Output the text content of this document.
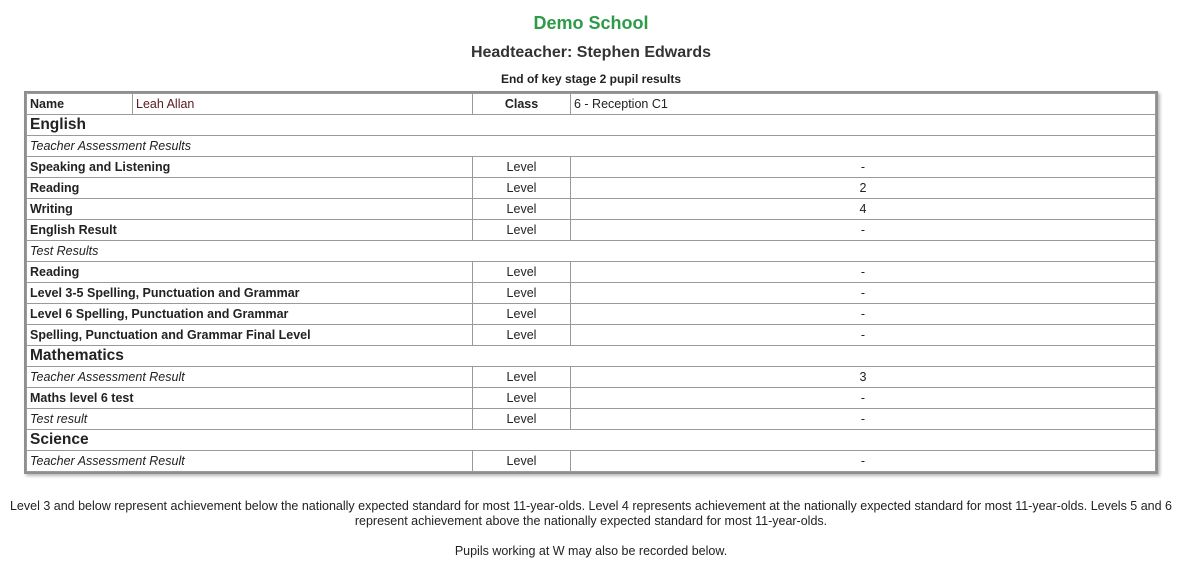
Demo School
Headteacher: Stephen Edwards
End of key stage 2 pupil results
Name	Leah Allan	Class	6 - Reception C1
English			
Teacher Assessment Results			
Speaking and Listening		Level	-
Reading		Level	2
Writing		Level	4
English Result		Level	-
Test Results			
Reading		Level	-
Level 3-5 Spelling, Punctuation and Grammar		Level	-
Level 6 Spelling, Punctuation and Grammar		Level	-
Spelling, Punctuation and Grammar Final Level		Level	-
Mathematics			
Teacher Assessment Result		Level	3
Maths level 6 test		Level	-
Test result		Level	-
Science			
Teacher Assessment Result		Level	-
Level 3 and below represent achievement below the nationally expected standard for most 11-year-olds. Level 4 represents achievement at the nationally expected standard for most 11-year-olds. Levels 5 and 6 represent achievement above the nationally expected standard for most 11-year-olds.
Pupils working at W may also be recorded below.
